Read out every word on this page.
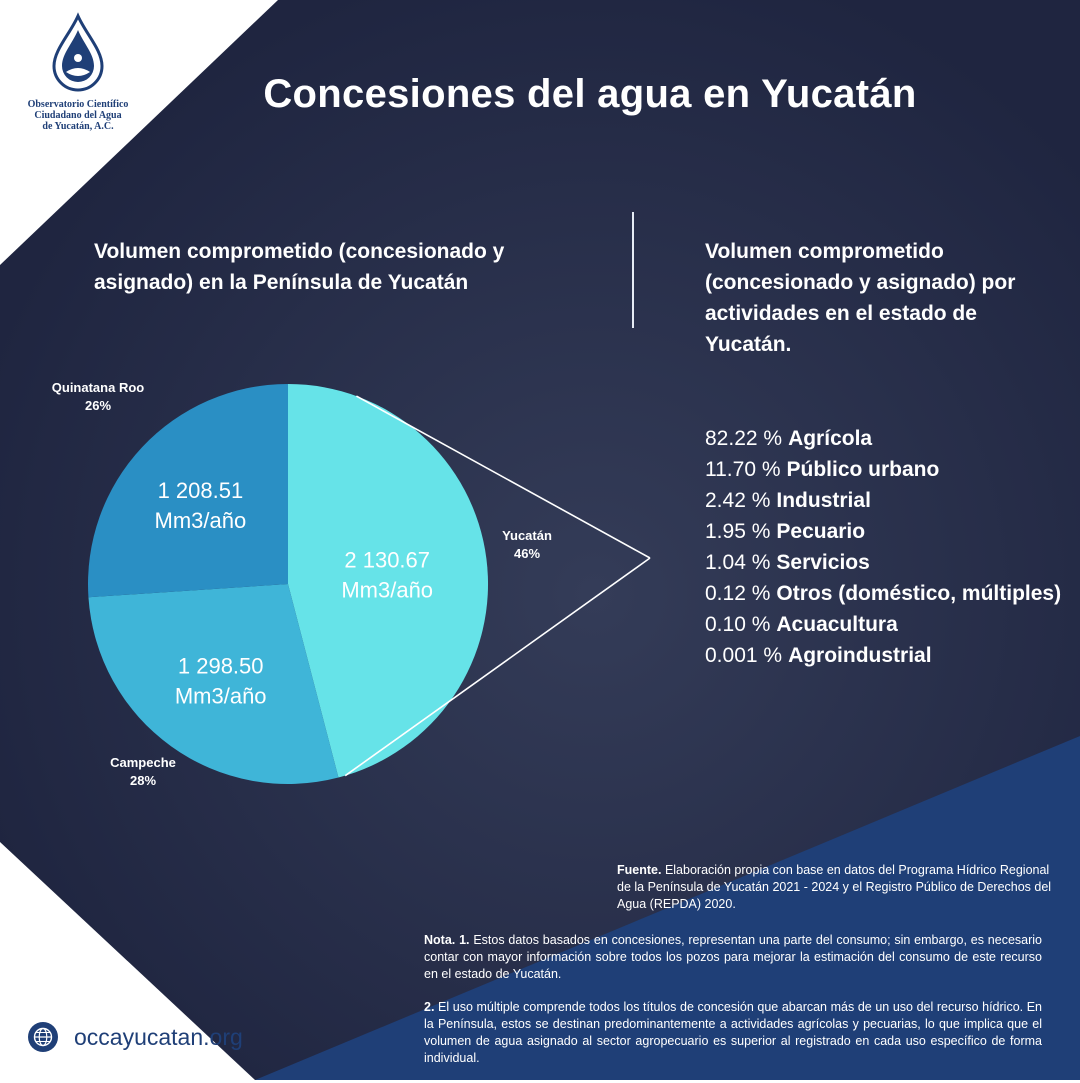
Observatorio Científico
Ciudadano del Agua
de Yucatán, A.C.
Concesiones del agua en Yucatán
Volumen comprometido (concesionado y asignado) en la Península de Yucatán
Volumen comprometido (concesionado y asignado) por actividades en el estado de Yucatán.
82.22 % Agrícola
11.70 % Público urbano
2.42 % Industrial
1.95 % Pecuario
1.04 % Servicios
0.12 % Otros (doméstico, múltiples)
0.10 % Acuacultura
0.001 % Agroindustrial
2 130.67
Mm3/año
Yucatán
46%
1 298.50
Mm3/año
Campeche
28%
1 208.51
Mm3/año
Quinatana Roo
26%
Fuente. Elaboración propia con base en datos del Programa Hídrico Regional de la Península de Yucatán 2021 - 2024 y el Registro Público de Derechos del Agua (REPDA) 2020.

Nota. 1. Estos datos basados en concesiones, representan una parte del consumo; sin embargo, es necesario contar con mayor información sobre todos los pozos para mejorar la estimación del consumo de este recurso en el estado de Yucatán.

2. El uso múltiple comprende todos los títulos de concesión que abarcan más de un uso del recurso hídrico. En la Península, estos se destinan predominantemente a actividades agrícolas y pecuarias, lo que implica que el volumen de agua asignado al sector agropecuario es superior al registrado en cada uso específico de forma individual.

occayucatan.org
